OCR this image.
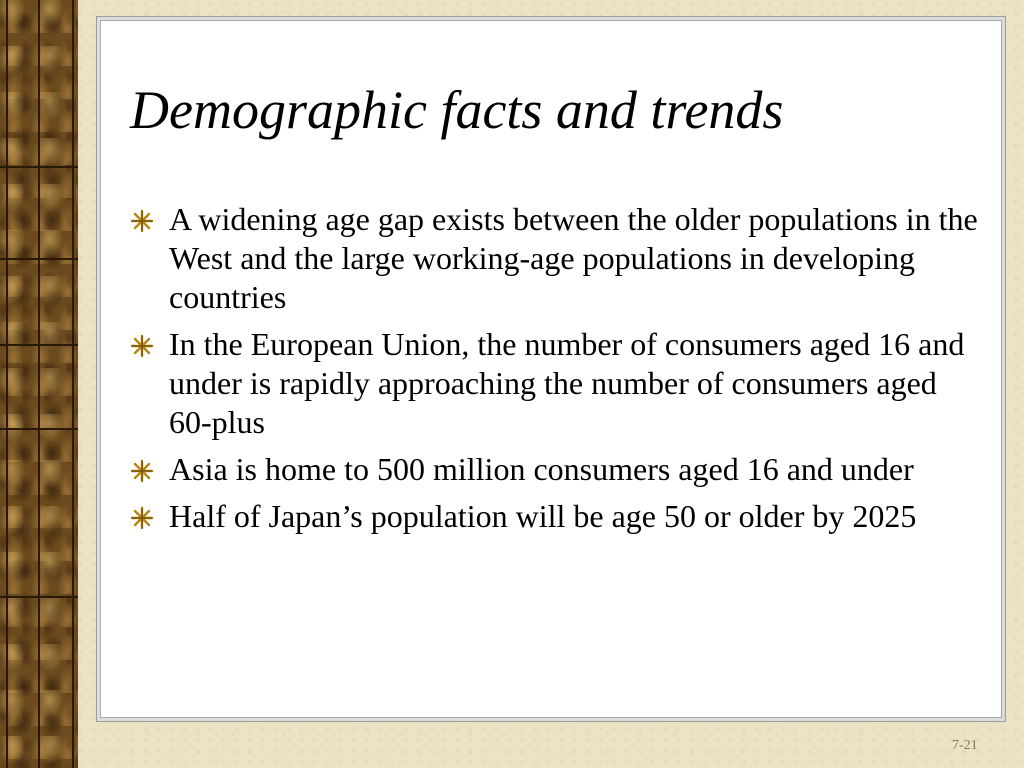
Demographic facts and trends
A widening age gap exists between the older populations in the West and the large working-age populations in developing countries
In the European Union, the number of consumers aged 16 and under is rapidly approaching the number of consumers aged 60-plus
Asia is home to 500 million consumers aged 16 and under
Half of Japan’s population will be age 50 or older by 2025
7-21
